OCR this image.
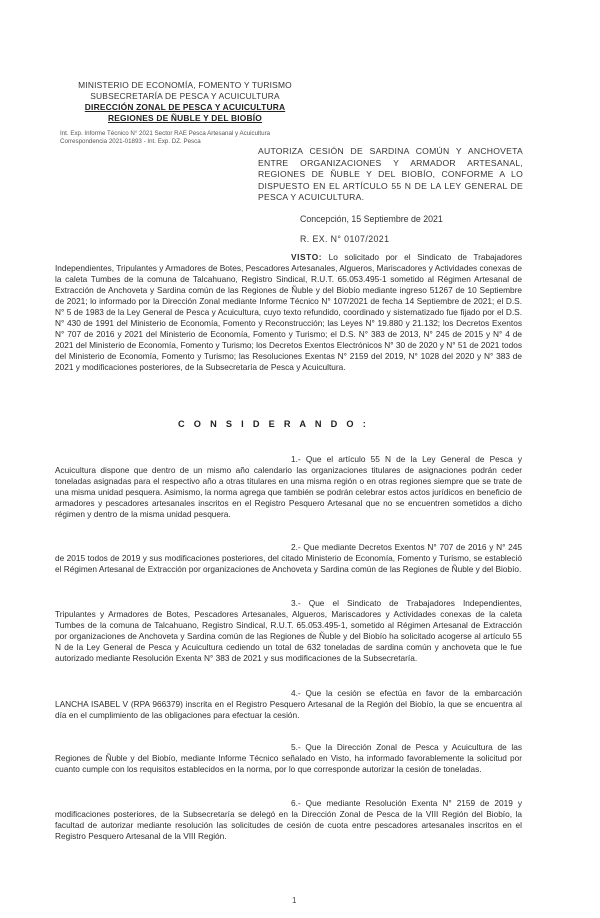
MINISTERIO DE ECONOMÍA, FOMENTO Y TURISMO
SUBSECRETARÍA DE PESCA Y ACUICULTURA
DIRECCIÓN ZONAL DE PESCA Y ACUICULTURA
REGIONES DE ÑUBLE Y DEL BIOBÍO
Int. Exp. Informe Técnico N° 2021 Sector RAE Pesca Artesanal y Acuicultura
Correspondencia 2021-01893 - Int. Exp. DZ. Pesca
AUTORIZA CESIÓN DE SARDINA COMÚN Y ANCHOVETA ENTRE ORGANIZACIONES Y ARMADOR ARTESANAL, REGIONES DE ÑUBLE Y DEL BIOBÍO, CONFORME A LO DISPUESTO EN EL ARTÍCULO 55 N DE LA LEY GENERAL DE PESCA Y ACUICULTURA.
Concepción, 15 Septiembre de 2021
R. EX. N° 0107/2021
VISTO: Lo solicitado por el Sindicato de Trabajadores Independientes, Tripulantes y Armadores de Botes, Pescadores Artesanales, Algueros, Mariscadores y Actividades conexas de la caleta Tumbes de la comuna de Talcahuano, Registro Sindical, R.U.T. 65.053.495-1 sometido al Régimen Artesanal de Extracción de Anchoveta y Sardina común de las Regiones de Ñuble y del Biobío mediante ingreso 51267 de 10 Septiembre de 2021; lo informado por la Dirección Zonal mediante Informe Técnico N° 107/2021 de fecha 14 Septiembre de 2021; el D.S. N° 5 de 1983 de la Ley General de Pesca y Acuicultura, cuyo texto refundido, coordinado y sistematizado fue fijado por el D.S. N° 430 de 1991 del Ministerio de Economía, Fomento y Reconstrucción; las Leyes N° 19.880 y 21.132; los Decretos Exentos N° 707 de 2016 y 2021 del Ministerio de Economía, Fomento y Turismo; el D.S. N° 383 de 2013, N° 245 de 2015 y N° 4 de 2021 del Ministerio de Economía, Fomento y Turismo; los Decretos Exentos Electrónicos N° 30 de 2020 y N° 51 de 2021 todos del Ministerio de Economía, Fomento y Turismo; las Resoluciones Exentas N° 2159 del 2019, N° 1028 del 2020 y N° 383 de 2021 y modificaciones posteriores, de la Subsecretaría de Pesca y Acuicultura.
C O N S I D E R A N D O :
1.- Que el artículo 55 N de la Ley General de Pesca y Acuicultura dispone que dentro de un mismo año calendario las organizaciones titulares de asignaciones podrán ceder toneladas asignadas para el respectivo año a otras titulares en una misma región o en otras regiones siempre que se trate de una misma unidad pesquera. Asimismo, la norma agrega que también se podrán celebrar estos actos jurídicos en beneficio de armadores y pescadores artesanales inscritos en el Registro Pesquero Artesanal que no se encuentren sometidos a dicho régimen y dentro de la misma unidad pesquera.
2.- Que mediante Decretos Exentos N° 707 de 2016 y N° 245 de 2015 todos de 2019 y sus modificaciones posteriores, del citado Ministerio de Economía, Fomento y Turismo, se estableció el Régimen Artesanal de Extracción por organizaciones de Anchoveta y Sardina común de las Regiones de Ñuble y del Biobío.
3.- Que el Sindicato de Trabajadores Independientes, Tripulantes y Armadores de Botes, Pescadores Artesanales, Algueros, Mariscadores y Actividades conexas de la caleta Tumbes de la comuna de Talcahuano, Registro Sindical, R.U.T. 65.053.495-1, sometido al Régimen Artesanal de Extracción por organizaciones de Anchoveta y Sardina común de las Regiones de Ñuble y del Biobío ha solicitado acogerse al artículo 55 N de la Ley General de Pesca y Acuicultura cediendo un total de 632 toneladas de sardina común y anchoveta que le fue autorizado mediante Resolución Exenta N° 383 de 2021 y sus modificaciones de la Subsecretaría.
4.- Que la cesión se efectúa en favor de la embarcación LANCHA ISABEL V (RPA 966379) inscrita en el Registro Pesquero Artesanal de la Región del Biobío, la que se encuentra al día en el cumplimiento de las obligaciones para efectuar la cesión.
5.- Que la Dirección Zonal de Pesca y Acuicultura de las Regiones de Ñuble y del Biobío, mediante Informe Técnico señalado en Visto, ha informado favorablemente la solicitud por cuanto cumple con los requisitos establecidos en la norma, por lo que corresponde autorizar la cesión de toneladas.
6.- Que mediante Resolución Exenta N° 2159 de 2019 y modificaciones posteriores, de la Subsecretaría se delegó en la Dirección Zonal de Pesca de la VIII Región del Biobío, la facultad de autorizar mediante resolución las solicitudes de cesión de cuota entre pescadores artesanales inscritos en el Registro Pesquero Artesanal de la VIII Región.
1
